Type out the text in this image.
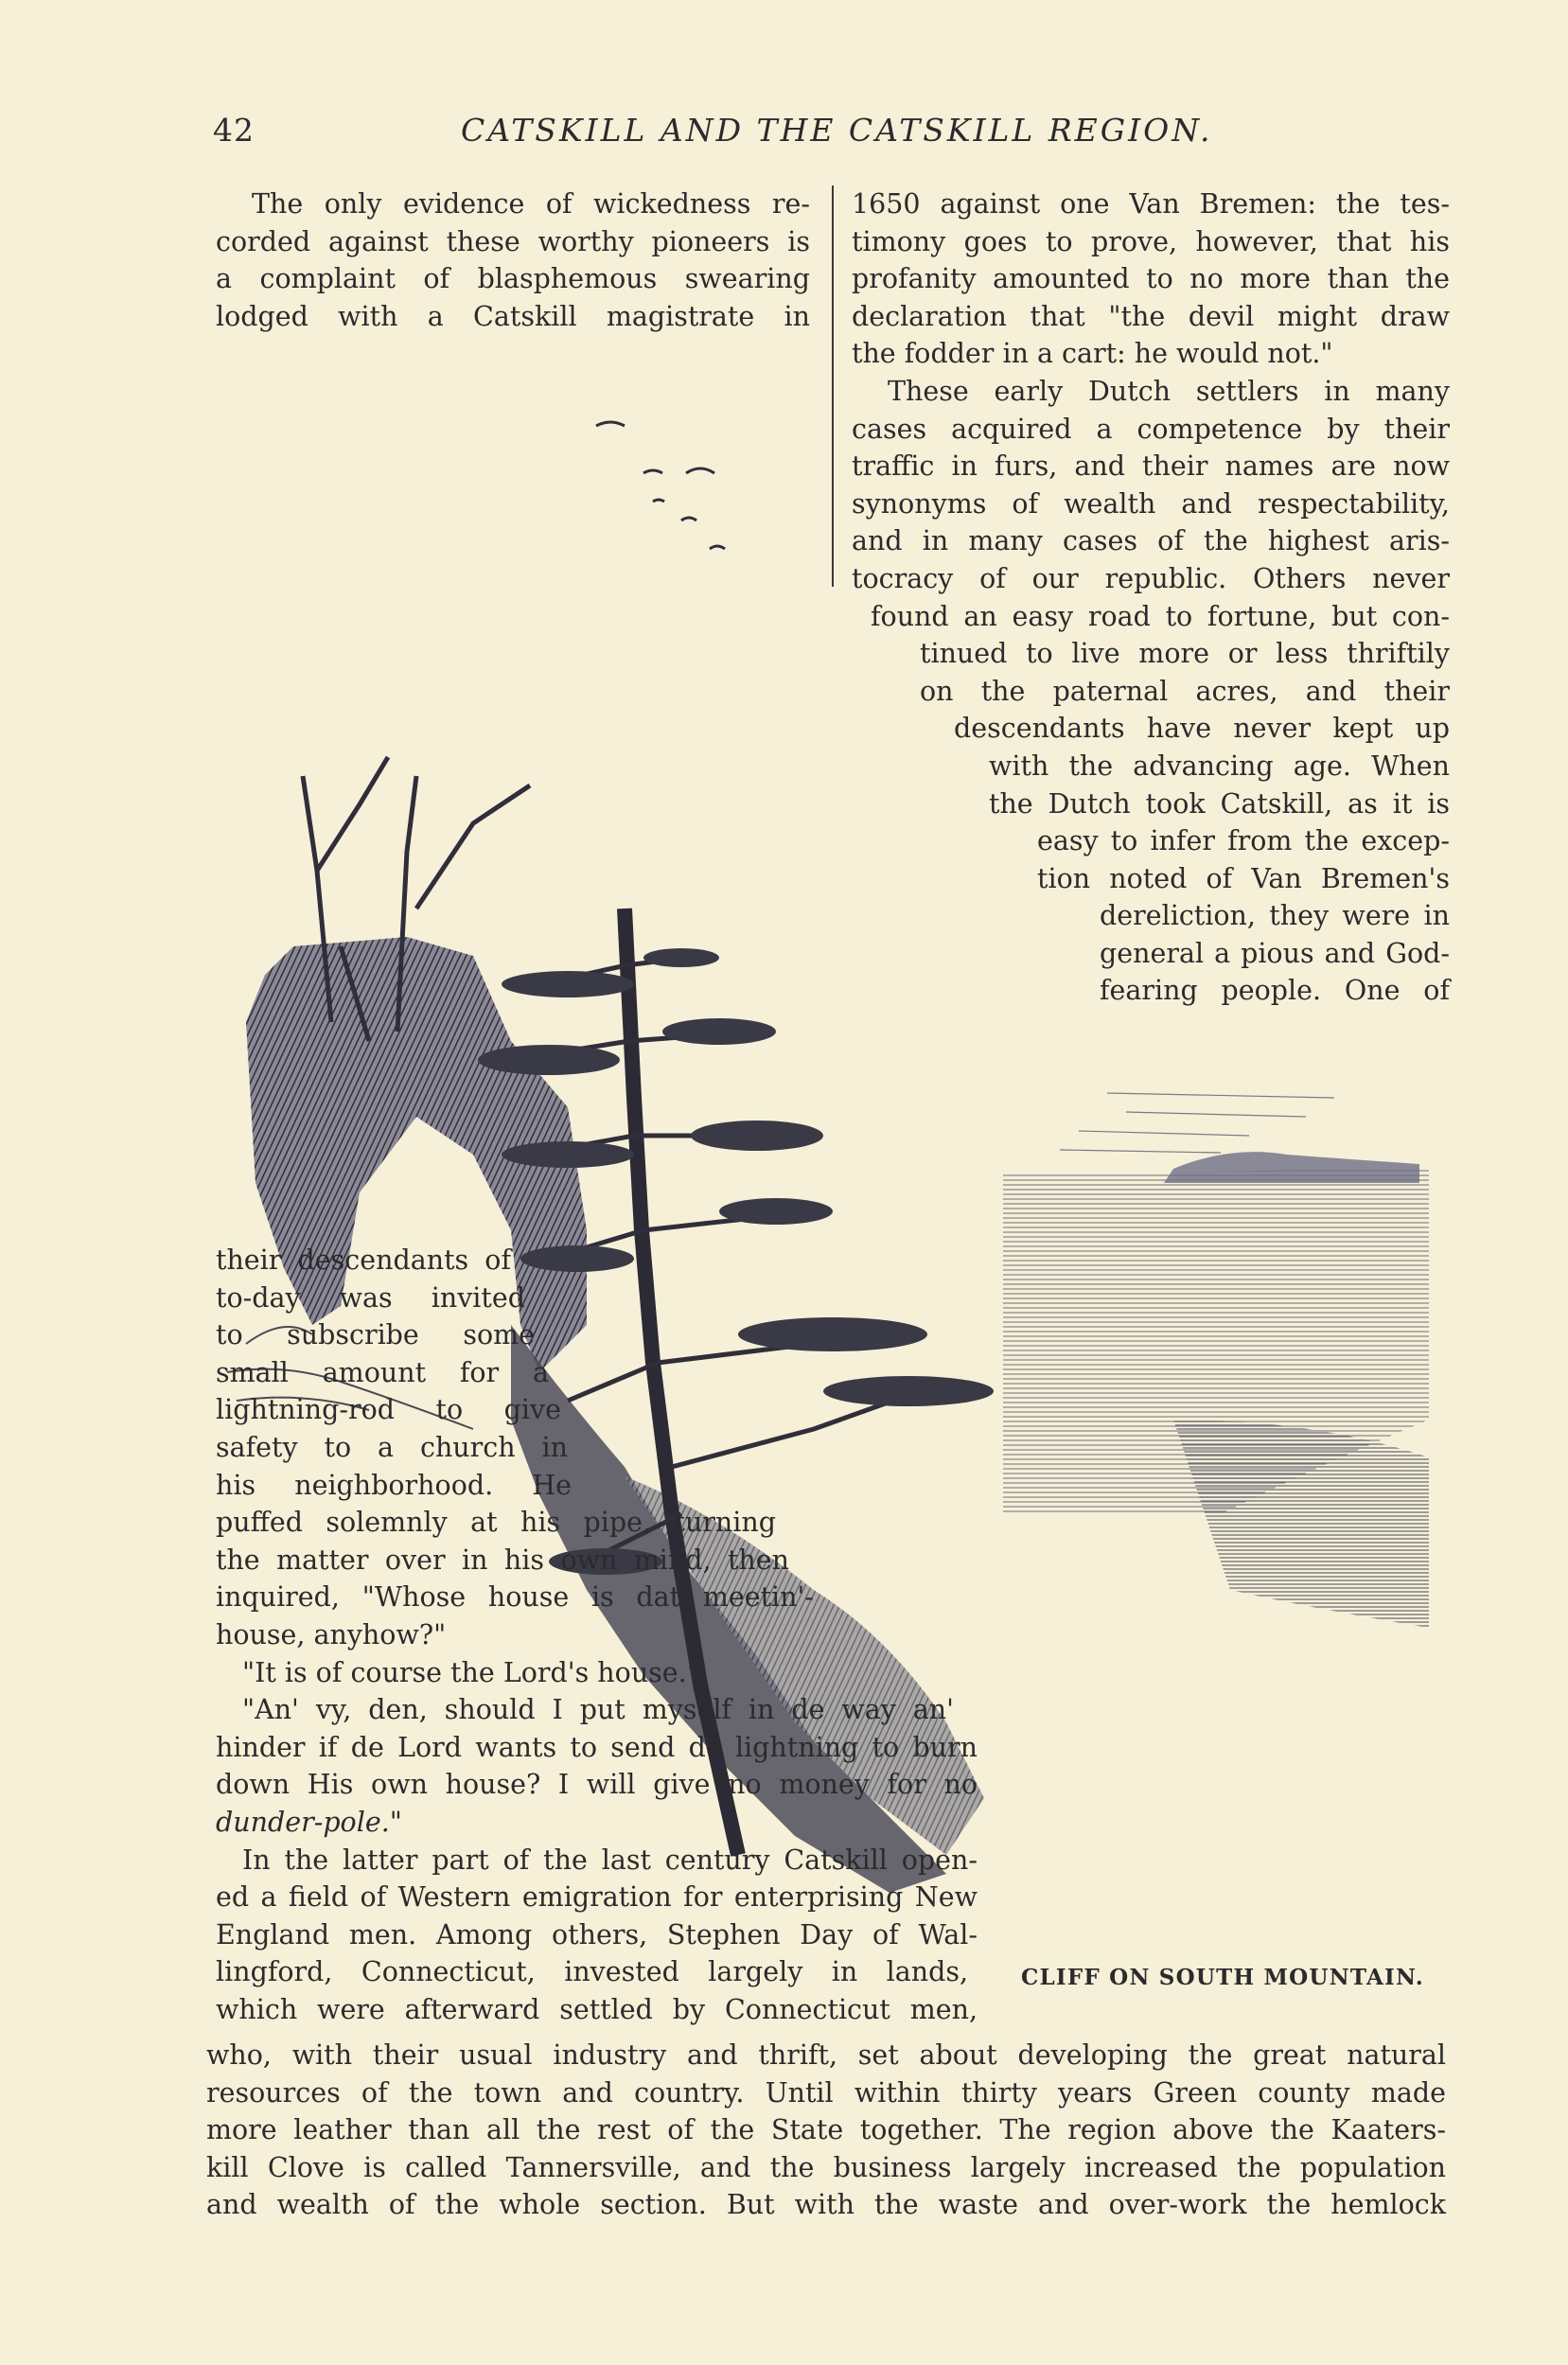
42	CATSKILL AND THE CATSKILL REGION.
The only evidence of wickedness re-
corded against these worthy pioneers is
a complaint of blasphemous swearing
lodged with a Catskill magistrate in
1650 against one Van Bremen: the tes-
timony goes to prove, however, that his
profanity amounted to no more than the
declaration that "the devil might draw
the fodder in a cart: he would not."
These early Dutch settlers in many
cases acquired a competence by their
traffic in furs, and their names are now
synonyms of wealth and respectability,
and in many cases of the highest aris-
tocracy of our republic. Others never
found an easy road to fortune, but con-
tinued to live more or less thriftily
on the paternal acres, and their
descendants have never kept up
with the advancing age. When
the Dutch took Catskill, as it is
easy to infer from the excep-
tion noted of Van Bremen's
dereliction, they were in
general a pious and God-
fearing people. One of
their descendants of
to-day was invited
to subscribe some
small amount for a
lightning-rod to give
safety to a church in
his neighborhood. He
puffed solemnly at his pipe, turning
the matter over in his own mind, then
inquired, "Whose house is dat meetin'-
house, anyhow?"
"It is of course the Lord's house."
"An' vy, den, should I put myself in de way an'
hinder if de Lord wants to send de lightning to burn
down His own house? I will give no money for no
dunder-pole."
In the latter part of the last century Catskill open-
ed a field of Western emigration for enterprising New
England men. Among others, Stephen Day of Wal-
lingford, Connecticut, invested largely in lands,
which were afterward settled by Connecticut men,
CLIFF ON SOUTH MOUNTAIN.
who, with their usual industry and thrift, set about developing the great natural
resources of the town and country. Until within thirty years Green county made
more leather than all the rest of the State together. The region above the Kaaters-
kill Clove is called Tannersville, and the business largely increased the population
and wealth of the whole section. But with the waste and over-work the hemlock
